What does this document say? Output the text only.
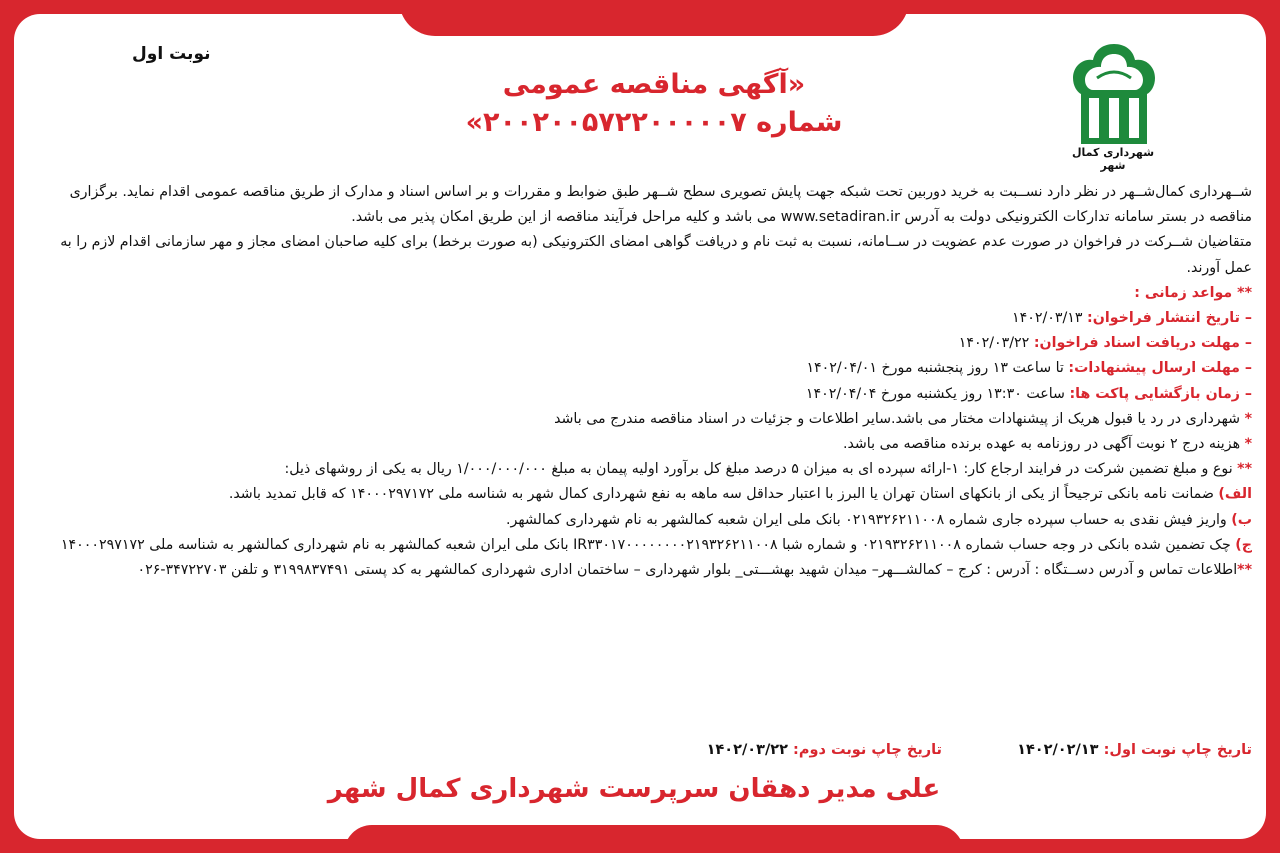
شهرداری کمال شهر
نوبت اول
«آگهی مناقصه عمومی
شماره ۲۰۰۲۰۰۵۷۲۲۰۰۰۰۰۷»

شــهرداری کمال‌شــهر در نظر دارد نســبت به خرید دوربین تحت شبکه جهت پایش تصویری سطح شــهر طبق ضوابط و مقررات و بر اساس اسناد و مدارک از طریق مناقصه عمومی اقدام نماید. برگزاری مناقصه در بستر سامانه تدارکات الکترونیکی دولت به آدرس www.setadiran.ir می باشد و کلیه مراحل فرآیند مناقصه از این طریق امکان پذیر می باشد.

متقاضیان شــرکت در فراخوان در صورت عدم عضویت در ســامانه، نسبت به ثبت نام و دریافت گواهی امضای الکترونیکی (به صورت برخط) برای کلیه صاحبان امضای مجاز و مهر سازمانی اقدام لازم را به عمل آورند.

** مواعد زمانی :

– تاریخ انتشار فراخوان: ۱۴۰۲/۰۳/۱۳

– مهلت دریافت اسناد فراخوان: ۱۴۰۲/۰۳/۲۲

– مهلت ارسال پیشنهادات: تا ساعت ۱۳ روز پنجشنبه مورخ ۱۴۰۲/۰۴/۰۱

– زمان بازگشایی پاکت ها: ساعت ۱۳:۳۰ روز یکشنبه مورخ ۱۴۰۲/۰۴/۰۴

* شهرداری در رد یا قبول هریک از پیشنهادات مختار می باشد.سایر اطلاعات و جزئیات در اسناد مناقصه مندرج می باشد

* هزینه درج ۲ نوبت آگهی در روزنامه به عهده برنده مناقصه می باشد.

** نوع و مبلغ تضمین شرکت در فرایند ارجاع کار: ۱-ارائه سپرده ای به میزان ۵ درصد مبلغ کل برآورد اولیه پیمان به مبلغ ۱/۰۰۰/۰۰۰/۰۰۰ ریال به یکی از روشهای ذیل:

الف) ضمانت نامه بانکی ترجیحاً از یکی از بانکهای استان تهران یا البرز با اعتبار حداقل سه ماهه به نفع شهرداری کمال شهر به شناسه ملی ۱۴۰۰۰۲۹۷۱۷۲ که قابل تمدید باشد.

ب) واریز فیش نقدی به حساب سپرده جاری شماره ۰۲۱۹۳۲۶۲۱۱۰۰۸ بانک ملی ایران شعبه کمالشهر به نام شهرداری کمالشهر.

ج) چک تضمین شده بانکی در وجه حساب شماره ۰۲۱۹۳۲۶۲۱۱۰۰۸ و شماره شبا IR۳۳۰۱۷۰۰۰۰۰۰۰۰۲۱۹۳۲۶۲۱۱۰۰۸ بانک ملی ایران شعبه کمالشهر به نام شهرداری کمالشهر به شناسه ملی ۱۴۰۰۰۲۹۷۱۷۲

**اطلاعات تماس و آدرس دســتگاه : آدرس : کرج – کمالشـــهر– میدان شهید بهشـــتی_ بلوار شهرداری – ساختمان اداری شهرداری کمالشهر به کد پستی ۳۱۹۹۸۳۷۴۹۱ و تلفن ۳۴۷۲۲۷۰۳-۰۲۶

تاریخ چاپ نوبت اول: ۱۴۰۲/۰۲/۱۳
تاریخ چاپ نوبت دوم: ۱۴۰۲/۰۳/۲۲
علی مدیر دهقان سرپرست شهرداری کمال شهر
